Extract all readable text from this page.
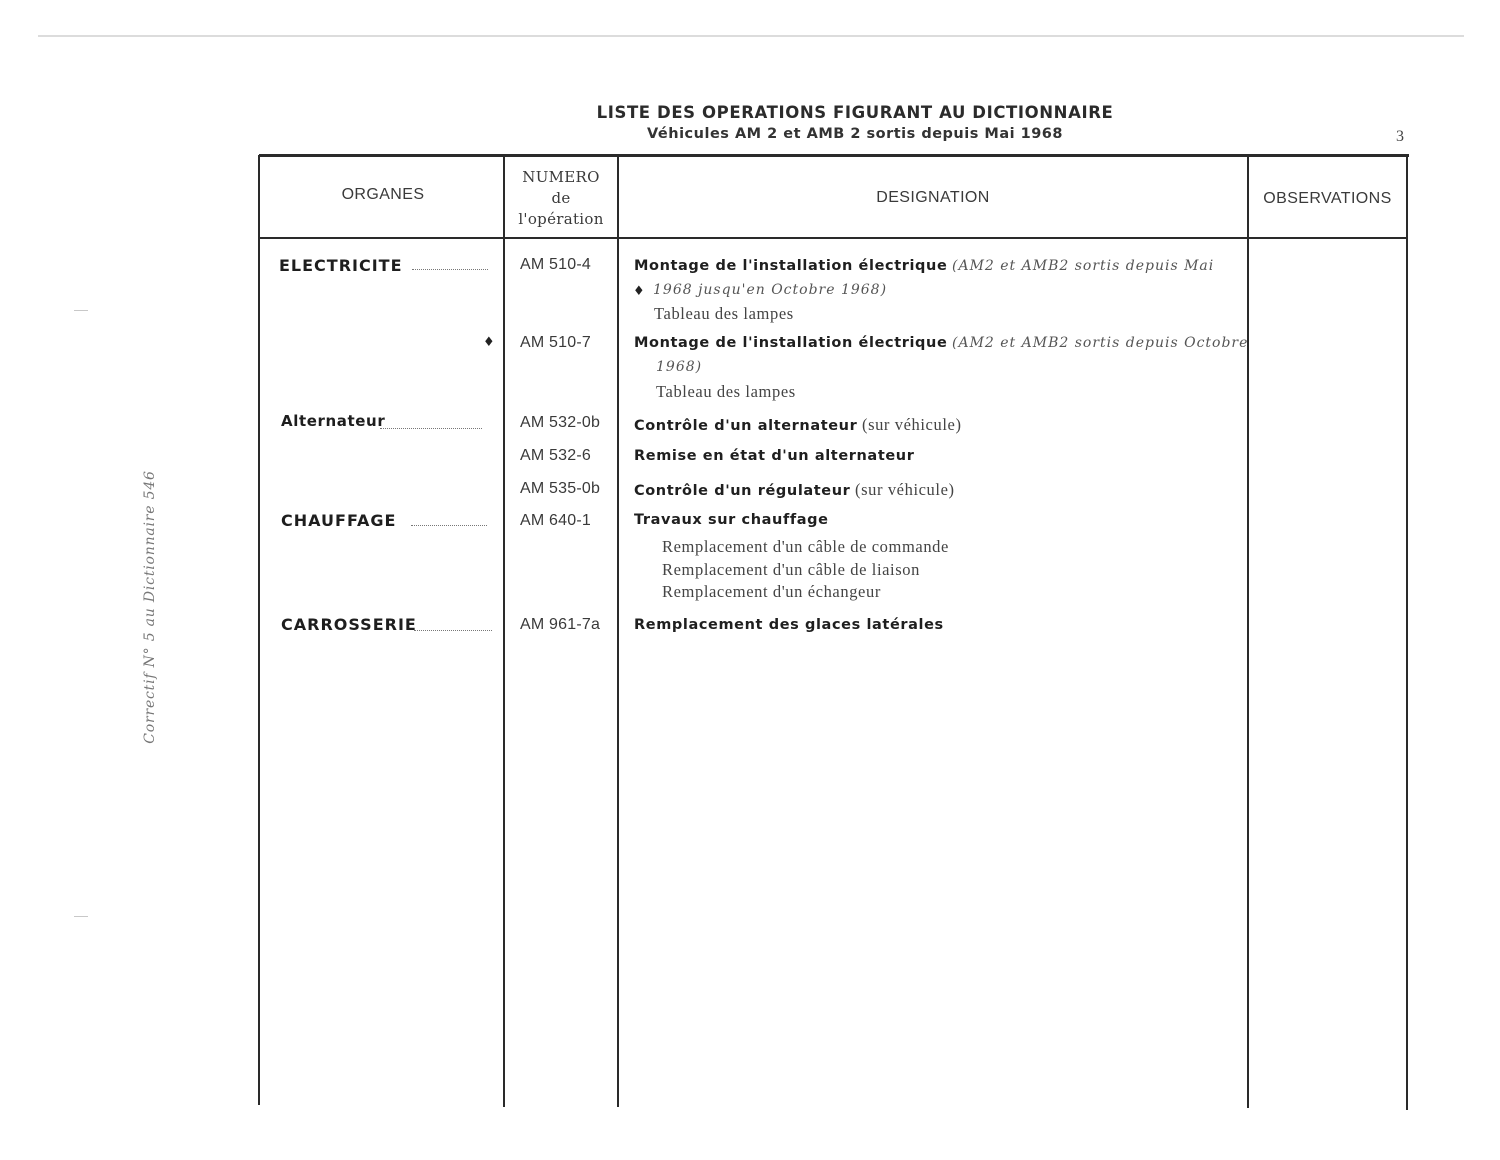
LISTE DES OPERATIONS FIGURANT AU DICTIONNAIRE
Véhicules AM 2 et AMB 2 sortis depuis Mai 1968	3
Correctif N° 5 au Dictionnaire 546
ORGANES
NUMERO
de
l'opération
DESIGNATION	OBSERVATIONS
ELECTRICITE
♦
Alternateur
CHAUFFAGE
CARROSSERIE
AM 510-4
AM 510-7
AM 532-0b
AM 532-6
AM 535-0b
AM 640-1
AM 961-7a
Montage de l'installation électrique (AM2 et AMB2 sortis depuis Mai
♦ 1968 jusqu'en Octobre 1968)
Tableau des lampes
Montage de l'installation électrique (AM2 et AMB2 sortis depuis Octobre
1968)
Tableau des lampes
Contrôle d'un alternateur (sur véhicule)
Remise en état d'un alternateur
Contrôle d'un régulateur (sur véhicule)
Travaux sur chauffage
Remplacement d'un câble de commande
Remplacement d'un câble de liaison
Remplacement d'un échangeur
Remplacement des glaces latérales
